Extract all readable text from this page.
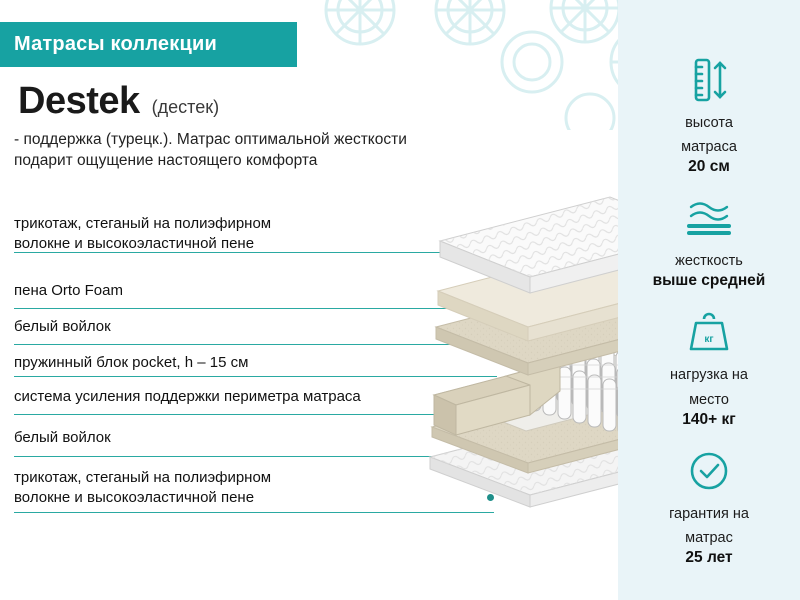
Матрасы коллекции
Destek (дестек)
- поддержка (турецк.). Матрас оптимальной жесткости
подарит ощущение настоящего комфорта
трикотаж, стеганый на полиэфирном
волокне и высокоэластичной пене
пена Orto Foam
белый войлок
пружинный блок pocket, h – 15 см
система усиления поддержки периметра матраса
белый войлок
трикотаж, стеганый на полиэфирном
волокне и высокоэластичной пене
высота
матраса
20 см
жесткость
выше средней
кг
нагрузка на
место
140+ кг
гарантия на
матрас
25 лет
